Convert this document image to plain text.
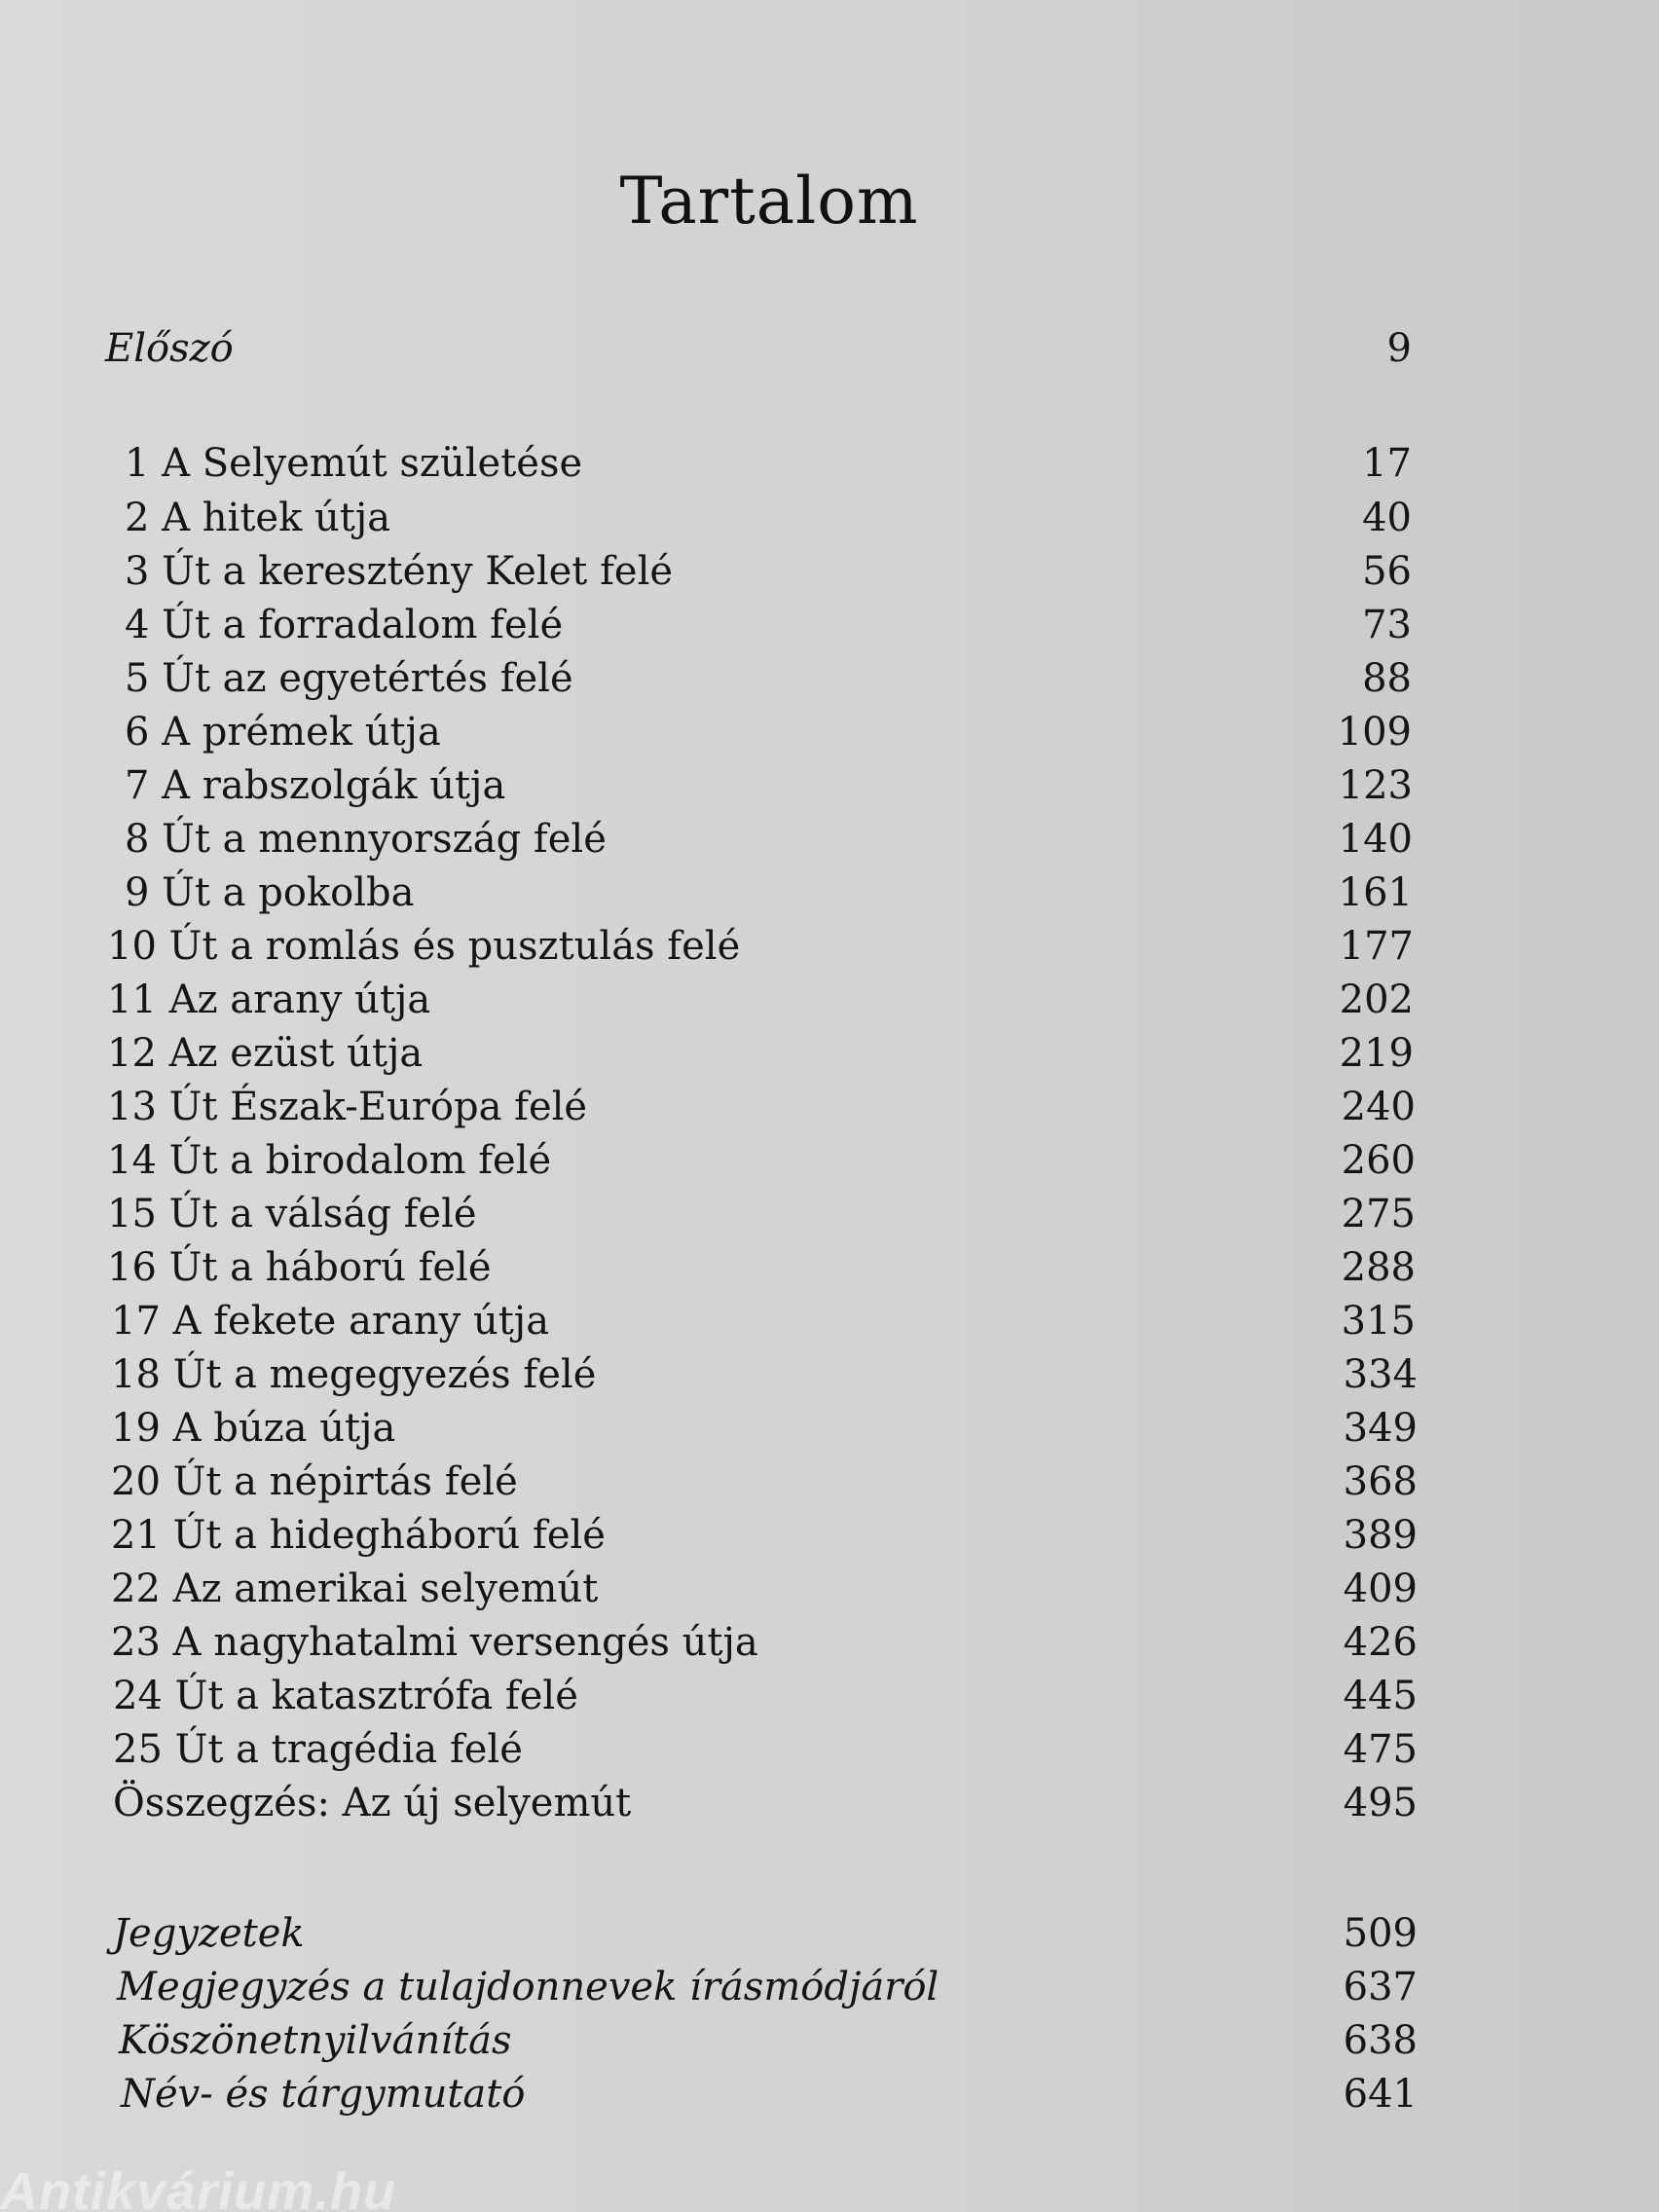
Tartalom
Előszó	9
1 A Selyemút születése	17
2 A hitek útja	40
3 Út a keresztény Kelet felé	56
4 Út a forradalom felé	73
5 Út az egyetértés felé	88
6 A prémek útja	109
7 A rabszolgák útja	123
8 Út a mennyország felé	140
9 Út a pokolba	161
10 Út a romlás és pusztulás felé	177
11 Az arany útja	202
12 Az ezüst útja	219
13 Út Észak-Európa felé	240
14 Út a birodalom felé	260
15 Út a válság felé	275
16 Út a háború felé	288
17 A fekete arany útja	315
18 Út a megegyezés felé	334
19 A búza útja	349
20 Út a népirtás felé	368
21 Út a hidegháború felé	389
22 Az amerikai selyemút	409
23 A nagyhatalmi versengés útja	426
24 Út a katasztrófa felé	445
25 Út a tragédia felé	475
Összegzés: Az új selyemút	495
Jegyzetek	509
Megjegyzés a tulajdonnevek írásmódjáról	637
Köszönetnyilvánítás	638
Név- és tárgymutató	641
Antikvárium.hu
